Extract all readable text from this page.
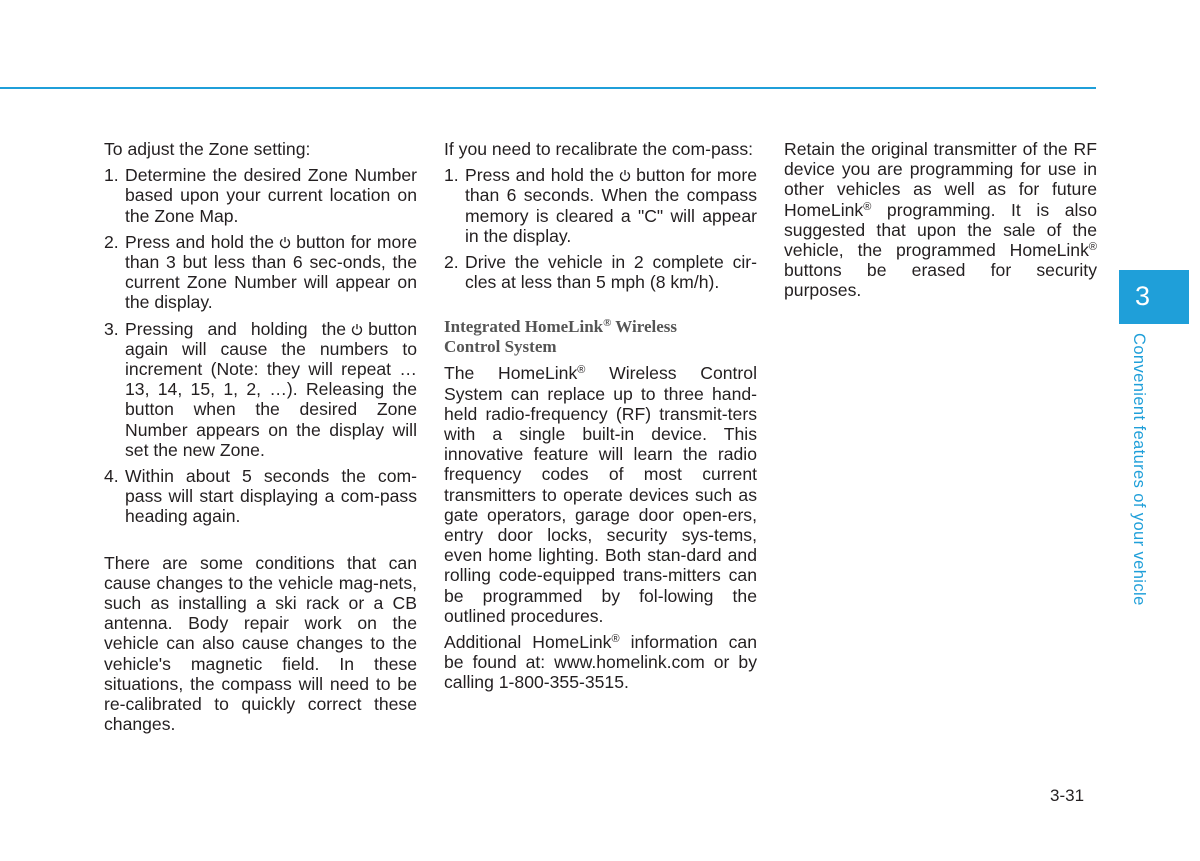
To adjust the Zone setting:

1. Determine the desired Zone Number based upon your current location on the Zone Map.
2. Press and hold the button for more than 3 but less than 6 sec-onds, the current Zone Number will appear on the display.
3. Pressing and holding the button again will cause the numbers to increment (Note: they will repeat …13, 14, 15, 1, 2, …). Releasing the button when the desired Zone Number appears on the display will set the new Zone.
4. Within about 5 seconds the com-pass will start displaying a com-pass heading again.

There are some conditions that can cause changes to the vehicle mag-nets, such as installing a ski rack or a CB antenna. Body repair work on the vehicle can also cause changes to the vehicle's magnetic field. In these situations, the compass will need to be re-calibrated to quickly correct these changes.

If you need to recalibrate the com-pass:

1. Press and hold the button for more than 6 seconds. When the compass memory is cleared a "C" will appear in the display.
2. Drive the vehicle in 2 complete cir-cles at less than 5 mph (8 km/h).
Integrated HomeLink® Wireless
Control System

The HomeLink® Wireless Control System can replace up to three hand-held radio-frequency (RF) transmit-ters with a single built-in device. This innovative feature will learn the radio frequency codes of most current transmitters to operate devices such as gate operators, garage door open-ers, entry door locks, security sys-tems, even home lighting. Both stan-dard and rolling code-equipped trans-mitters can be programmed by fol-lowing the outlined procedures.

Additional HomeLink® information can be found at: www.homelink.com or by calling 1-800-355-3515.

Retain the original transmitter of the RF device you are programming for use in other vehicles as well as for future HomeLink® programming. It is also suggested that upon the sale of the vehicle, the programmed HomeLink® buttons be erased for security purposes.	3
Convenient features of your vehicle
3-31
